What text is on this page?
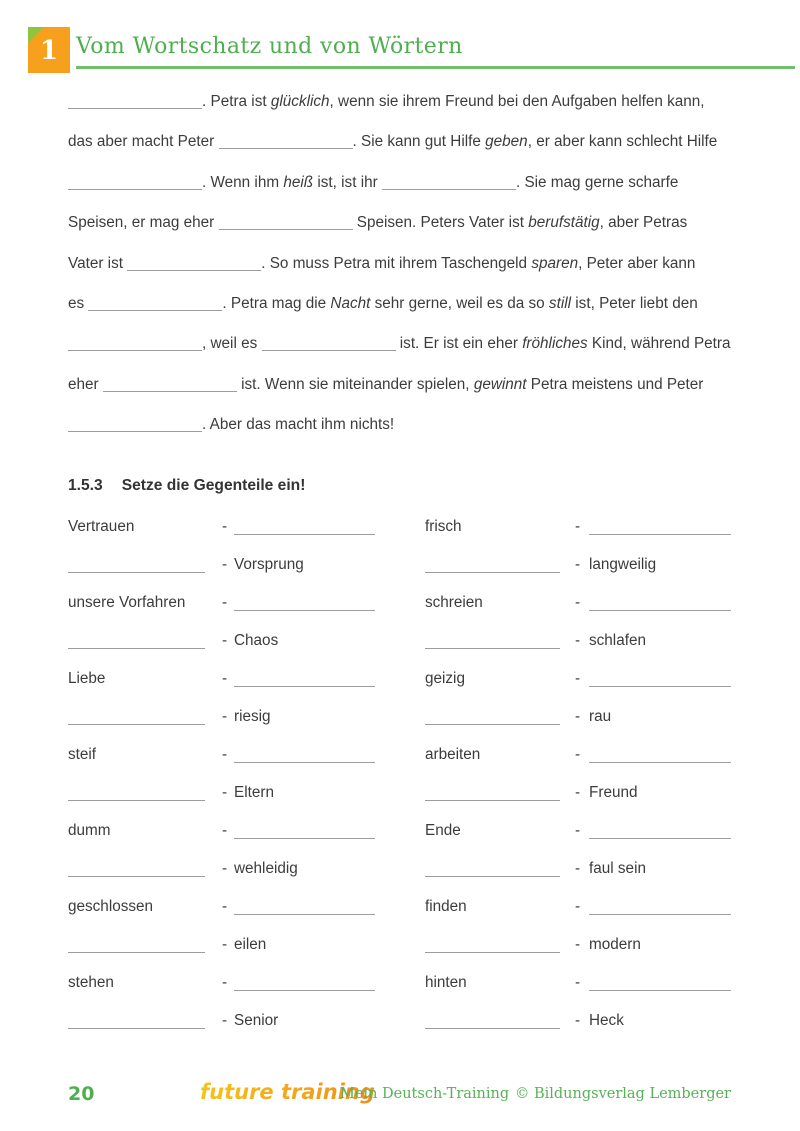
1 Vom Wortschatz und von Wörtern
. Petra ist glücklich, wenn sie ihrem Freund bei den Aufgaben helfen kann,
das aber macht Peter	. Sie kann gut Hilfe geben, er aber kann schlecht Hilfe
. Wenn ihm heiß ist, ist ihr	. Sie mag gerne scharfe
Speisen, er mag eher	Speisen. Peters Vater ist berufstätig, aber Petras
Vater ist	. So muss Petra mit ihrem Taschengeld sparen, Peter aber kann
es	. Petra mag die Nacht sehr gerne, weil es da so still ist, Peter liebt den
, weil es	ist. Er ist ein eher fröhliches Kind, während Petra
eher	ist. Wenn sie miteinander spielen, gewinnt Petra meistens und Peter
. Aber das macht ihm nichts!
1.5.3 Setze die Gegenteile ein!
Vertrauen	-	frisch	-
- Vorsprung	- langweilig
unsere Vorfahren	-	schreien	-
- Chaos	- schlafen
Liebe	-	geizig	-
- riesig	- rau
steif	-	arbeiten	-
- Eltern	- Freund
dumm	-	Ende	-
- wehleidig	- faul sein
geschlossen	-	finden	-
- eilen	- modern
stehen	-	hinten	-
- Senior	- Heck
20	future training
Mein Deutsch-Training © Bildungsverlag Lemberger
